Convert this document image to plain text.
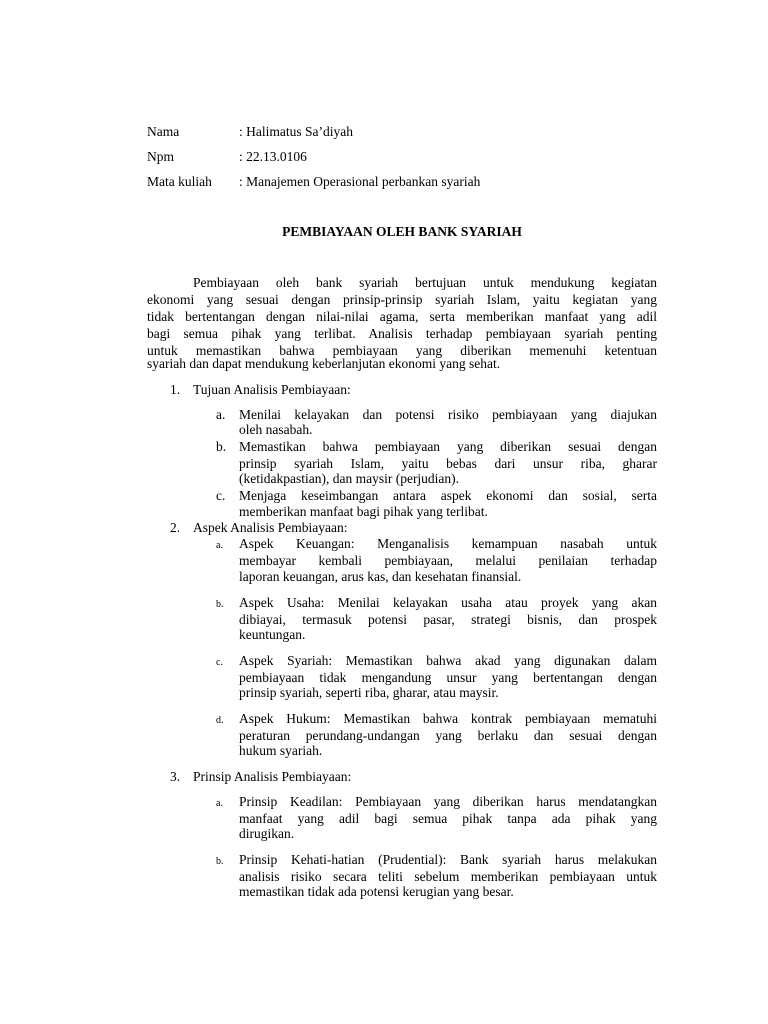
Nama	: Halimatus Sa’diyah
Npm	: 22.13.0106
Mata kuliah : Manajemen Operasional perbankan syariah
PEMBIAYAAN OLEH BANK SYARIAH
Pembiayaan oleh bank syariah bertujuan untuk mendukung kegiatan
ekonomi yang sesuai dengan prinsip-prinsip syariah Islam, yaitu kegiatan yang
tidak bertentangan dengan nilai-nilai agama, serta memberikan manfaat yang adil
bagi semua pihak yang terlibat. Analisis terhadap pembiayaan syariah penting
untuk memastikan bahwa pembiayaan yang diberikan memenuhi ketentuan
syariah dan dapat mendukung keberlanjutan ekonomi yang sehat.
1. Tujuan Analisis Pembiayaan:
a. Menilai kelayakan dan potensi risiko pembiayaan yang diajukan
oleh nasabah.
b. Memastikan bahwa pembiayaan yang diberikan sesuai dengan
prinsip syariah Islam, yaitu bebas dari unsur riba, gharar
(ketidakpastian), dan maysir (perjudian).
c. Menjaga keseimbangan antara aspek ekonomi dan sosial, serta
memberikan manfaat bagi pihak yang terlibat.
2. Aspek Analisis Pembiayaan:
a. Aspek Keuangan: Menganalisis kemampuan nasabah untuk
membayar kembali pembiayaan, melalui penilaian terhadap
laporan keuangan, arus kas, dan kesehatan finansial.
b. Aspek Usaha: Menilai kelayakan usaha atau proyek yang akan
dibiayai, termasuk potensi pasar, strategi bisnis, dan prospek
keuntungan.
c. Aspek Syariah: Memastikan bahwa akad yang digunakan dalam
pembiayaan tidak mengandung unsur yang bertentangan dengan
prinsip syariah, seperti riba, gharar, atau maysir.
d. Aspek Hukum: Memastikan bahwa kontrak pembiayaan mematuhi
peraturan perundang-undangan yang berlaku dan sesuai dengan
hukum syariah.
3. Prinsip Analisis Pembiayaan:
a. Prinsip Keadilan: Pembiayaan yang diberikan harus mendatangkan
manfaat yang adil bagi semua pihak tanpa ada pihak yang
dirugikan.
b. Prinsip Kehati-hatian (Prudential): Bank syariah harus melakukan
analisis risiko secara teliti sebelum memberikan pembiayaan untuk
memastikan tidak ada potensi kerugian yang besar.
